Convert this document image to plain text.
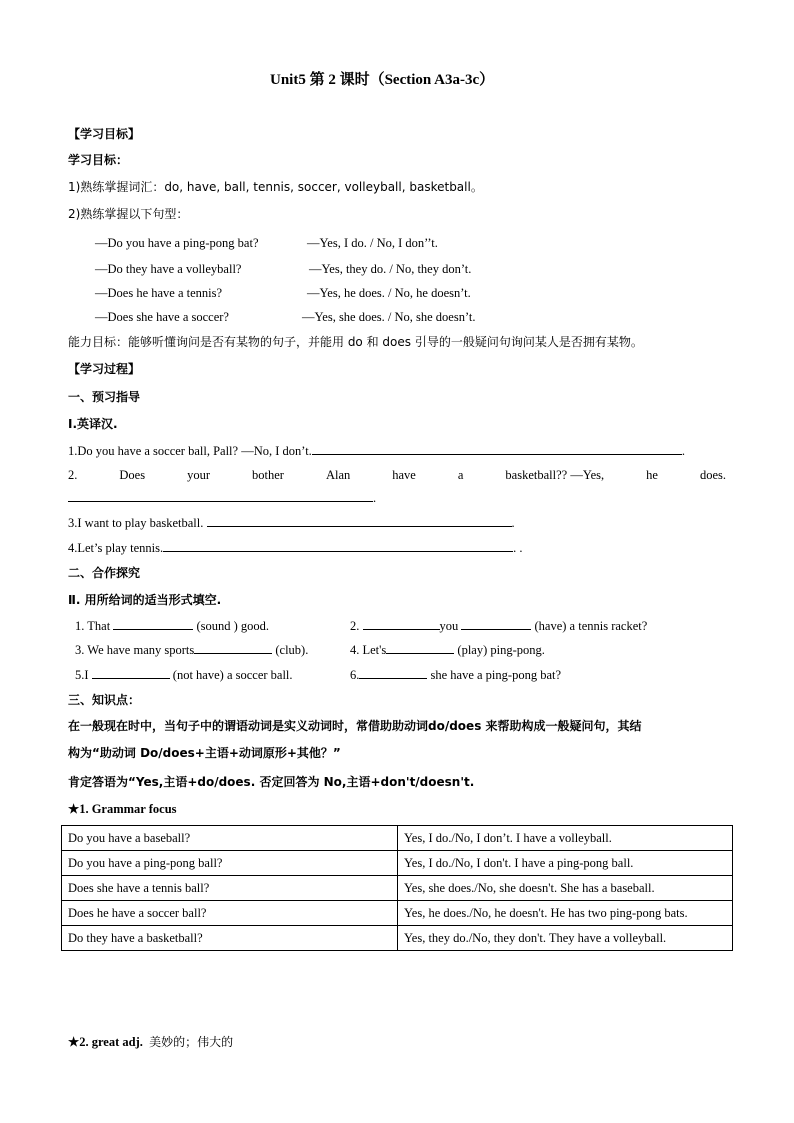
Unit5 第 2 课时（Section A3a-3c）
【学习目标】
学习目标：
1)熟练掌握词汇：do, have, ball, tennis, soccer, volleyball, basketball。
2)熟练掌握以下句型：
—Do you have a ping-pong bat?	—Yes, I do. / No, I don’’t.
—Do they have a volleyball?	—Yes, they do. / No, they don’t.
—Does he have a tennis?	—Yes, he does. / No, he doesn’t.
—Does she have a soccer?	—Yes, she does. / No, she doesn’t.
能力目标：能够听懂询问是否有某物的句子，并能用 do 和 does 引导的一般疑问句询问某人是否拥有某物。
【学习过程】
一、预习指导
I.英译汉.
1.Do you have a soccer ball, Pall? —No, I don’t.	.
2.	Does	your	bother	Alan	have	a	basketball?? —Yes,	he	does.
.
3.I want to play basketball.	.
4.Let’s play tennis.	. .
二、合作探究
Ⅱ. 用所给词的适当形式填空.
1. That	(sound ) good.	2.	you	(have) a tennis racket?
3. We have many sports	(club).	4. Let's	(play) ping-pong.
5.I	(not have) a soccer ball.	6.	she have a ping-pong bat?
三、知识点：
在一般现在时中，当句子中的谓语动词是实义动词时，常借助助动词do/does 来帮助构成一般疑问句，其结
构为“助动词 Do/does+主语+动词原形+其他？”
肯定答语为“Yes,主语+do/does. 否定回答为 No,主语+don't/doesn't.
★1. Grammar focus
Do you have a baseball?	Yes, I do./No, I don’t. I have a volleyball.
Do you have a ping-pong ball?	Yes, I do./No, I don't. I have a ping-pong ball.
Does she have a tennis ball?	Yes, she does./No, she doesn't. She has a baseball.
Does he have a soccer ball?	Yes, he does./No, he doesn't. He has two ping-pong bats.
Do they have a basketball?	Yes, they do./No, they don't. They have a volleyball.
★2. great adj. 美妙的；伟大的
